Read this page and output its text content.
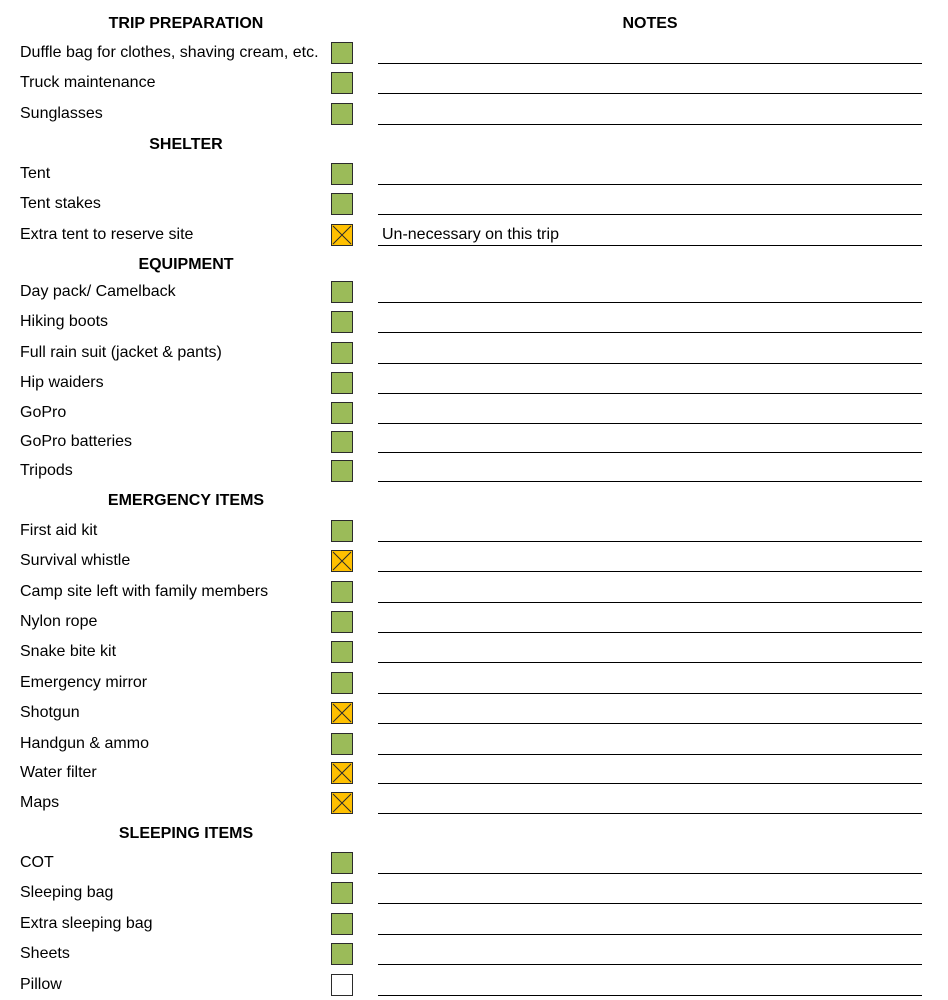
NOTES
TRIP PREPARATION
Duffle bag for clothes, shaving cream, etc.
Truck maintenance
Sunglasses
SHELTER
Tent
Tent stakes
Extra tent to reserve site	Un-necessary on this trip
EQUIPMENT
Day pack/ Camelback
Hiking boots
Full rain suit (jacket & pants)
Hip waiders
GoPro
GoPro batteries
Tripods
EMERGENCY ITEMS
First aid kit
Survival whistle
Camp site left with family members
Nylon rope
Snake bite kit
Emergency mirror
Shotgun
Handgun & ammo
Water filter
Maps
SLEEPING ITEMS
COT
Sleeping bag
Extra sleeping bag
Sheets
Pillow
